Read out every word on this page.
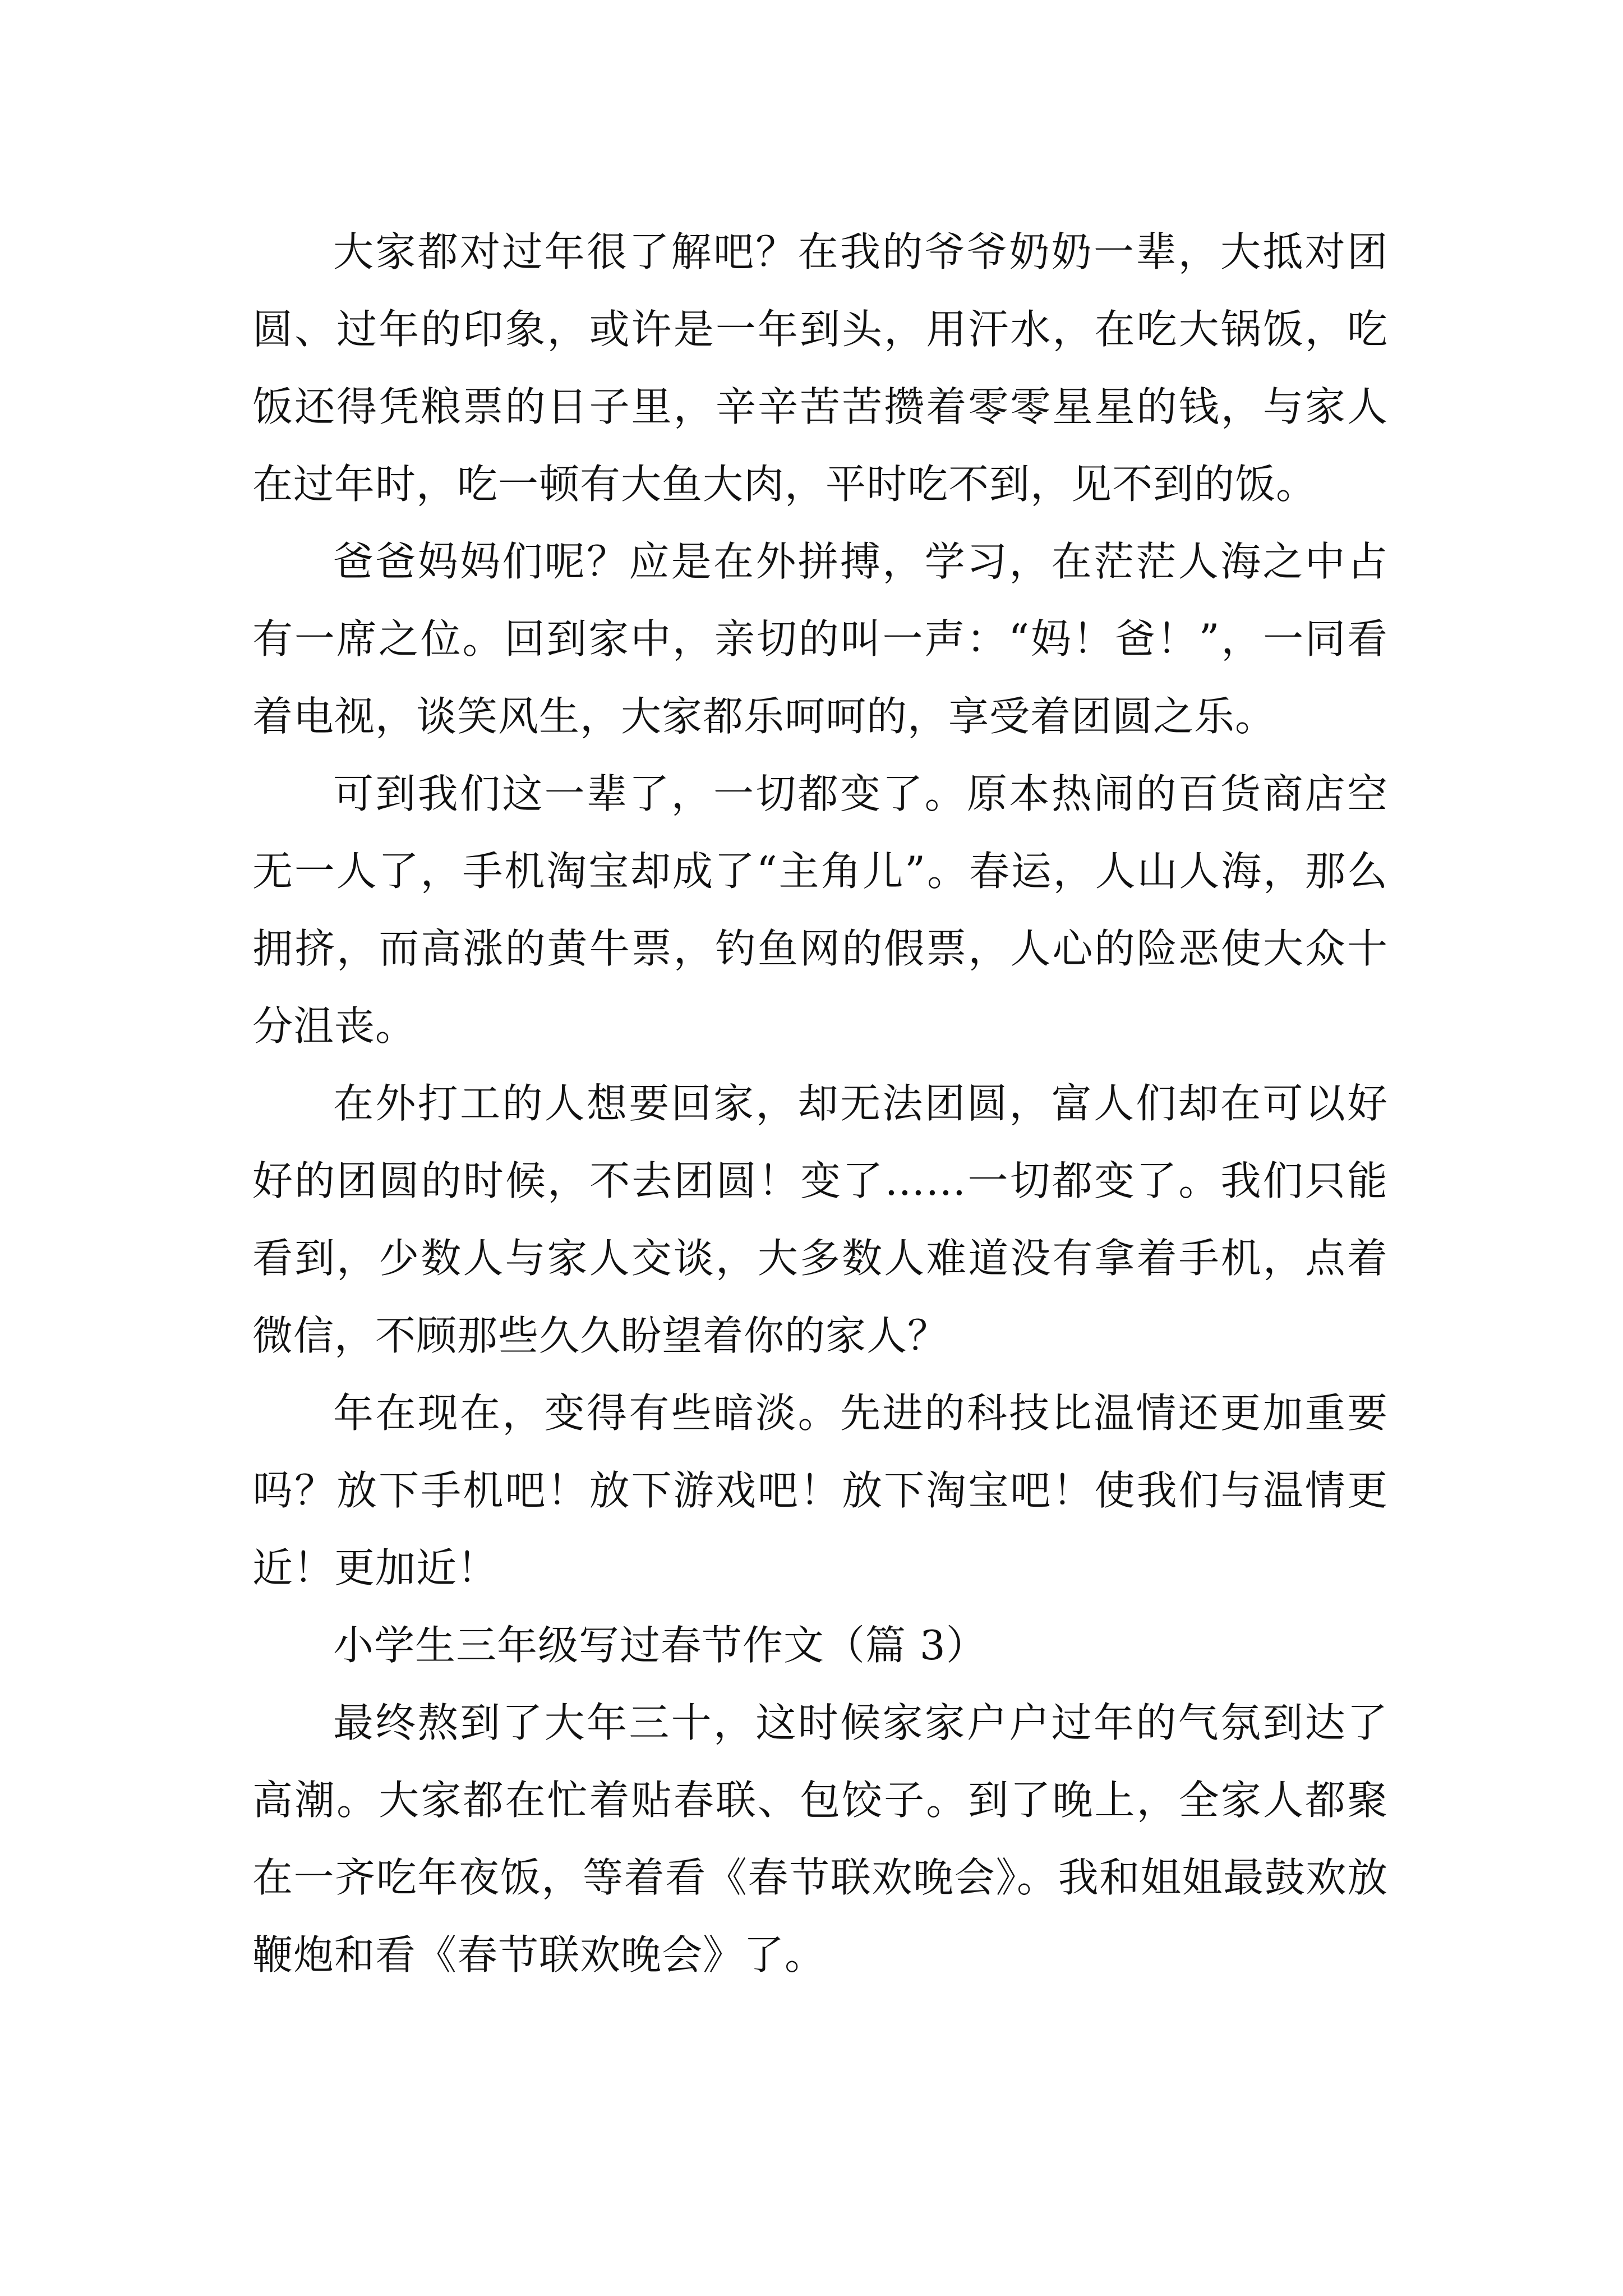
大家都对过年很了解吧？在我的爷爷奶奶一辈，大抵对团圆、过年的印象，或许是一年到头，用汗水，在吃大锅饭，吃饭还得凭粮票的日子里，辛辛苦苦攒着零零星星的钱，与家人在过年时，吃一顿有大鱼大肉，平时吃不到，见不到的饭。

爸爸妈妈们呢？应是在外拼搏，学习，在茫茫人海之中占有一席之位。回到家中，亲切的叫一声：“妈！爸！”，一同看着电视，谈笑风生，大家都乐呵呵的，享受着团圆之乐。

可到我们这一辈了，一切都变了。原本热闹的百货商店空无一人了，手机淘宝却成了“主角儿”。春运，人山人海，那么拥挤，而高涨的黄牛票，钓鱼网的假票，人心的险恶使大众十分沮丧。

在外打工的人想要回家，却无法团圆，富人们却在可以好好的团圆的时候，不去团圆！变了……一切都变了。我们只能看到，少数人与家人交谈，大多数人难道没有拿着手机，点着微信，不顾那些久久盼望着你的家人？

年在现在，变得有些暗淡。先进的科技比温情还更加重要吗？放下手机吧！放下游戏吧！放下淘宝吧！使我们与温情更近！更加近！

小学生三年级写过春节作文（篇 3）

最终熬到了大年三十，这时候家家户户过年的气氛到达了高潮。大家都在忙着贴春联、包饺子。到了晚上，全家人都聚在一齐吃年夜饭，等着看《春节联欢晚会》。我和姐姐最鼓欢放鞭炮和看《春节联欢晚会》了。
